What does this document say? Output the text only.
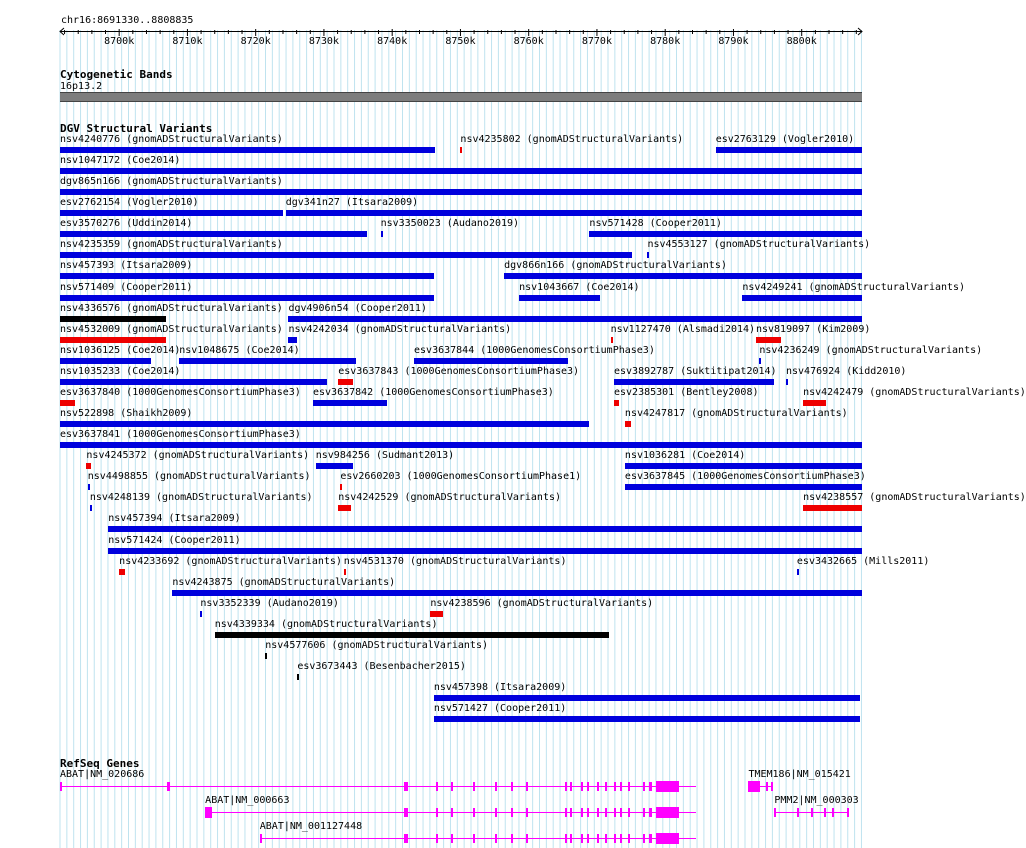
chr16:8691330..8808835
8700k	8710k	8720k	8730k	8740k	8750k	8760k	8770k	8780k	8790k	8800k
Cytogenetic Bands
16p13.2
DGV Structural Variants
RefSeq Genes
nsv4240776 (gnomADStructuralVariants)	nsv4235802 (gnomADStructuralVariants)	esv2763129 (Vogler2010)
nsv1047172 (Coe2014)
dgv865n166 (gnomADStructuralVariants)
esv2762154 (Vogler2010)	dgv341n27 (Itsara2009)
esv3570276 (Uddin2014)	nsv3350023 (Audano2019)	nsv571428 (Cooper2011)
nsv4235359 (gnomADStructuralVariants)	nsv4553127 (gnomADStructuralVariants)
nsv457393 (Itsara2009)	dgv866n166 (gnomADStructuralVariants)
nsv571409 (Cooper2011)	nsv1043667 (Coe2014)	nsv4249241 (gnomADStructuralVariants)
nsv4336576 (gnomADStructuralVariants) dgv4906n54 (Cooper2011)
nsv4532009 (gnomADStructuralVariants) nsv4242034 (gnomADStructuralVariants)	nsv1127470 (Alsmadi2014) nsv819097 (Kim2009)
nsv1036125 (Coe2014)
nsv1048675 (Coe2014)	esv3637844 (1000GenomesConsortiumPhase3)	nsv4236249 (gnomADStructuralVariants)
nsv1035233 (Coe2014)	esv3637843 (1000GenomesConsortiumPhase3)	esv3892787 (Suktitipat2014) nsv476924 (Kidd2010)
esv3637840 (1000GenomesConsortiumPhase3) esv3637842 (1000GenomesConsortiumPhase3)	esv2385301 (Bentley2008)	nsv4242479 (gnomADStructuralVariants)
nsv522898 (Shaikh2009)	nsv4247817 (gnomADStructuralVariants)
esv3637841 (1000GenomesConsortiumPhase3)
nsv4245372 (gnomADStructuralVariants) nsv984256 (Sudmant2013)	nsv1036281 (Coe2014)
nsv4498855 (gnomADStructuralVariants)	esv2660203 (1000GenomesConsortiumPhase1)	esv3637845 (1000GenomesConsortiumPhase3)
nsv4248139 (gnomADStructuralVariants)	nsv4242529 (gnomADStructuralVariants)	nsv4238557 (gnomADStructuralVariants)
nsv457394 (Itsara2009)
nsv571424 (Cooper2011)
nsv4233692 (gnomADStructuralVariants) nsv4531370 (gnomADStructuralVariants)	esv3432665 (Mills2011)
nsv4243875 (gnomADStructuralVariants)
nsv3352339 (Audano2019)	nsv4238596 (gnomADStructuralVariants)
nsv4339334 (gnomADStructuralVariants)
nsv4577606 (gnomADStructuralVariants)
esv3673443 (Besenbacher2015)
nsv457398 (Itsara2009)
nsv571427 (Cooper2011)
ABAT|NM_020686	TMEM186|NM_015421
ABAT|NM_000663	PMM2|NM_000303
ABAT|NM_001127448
